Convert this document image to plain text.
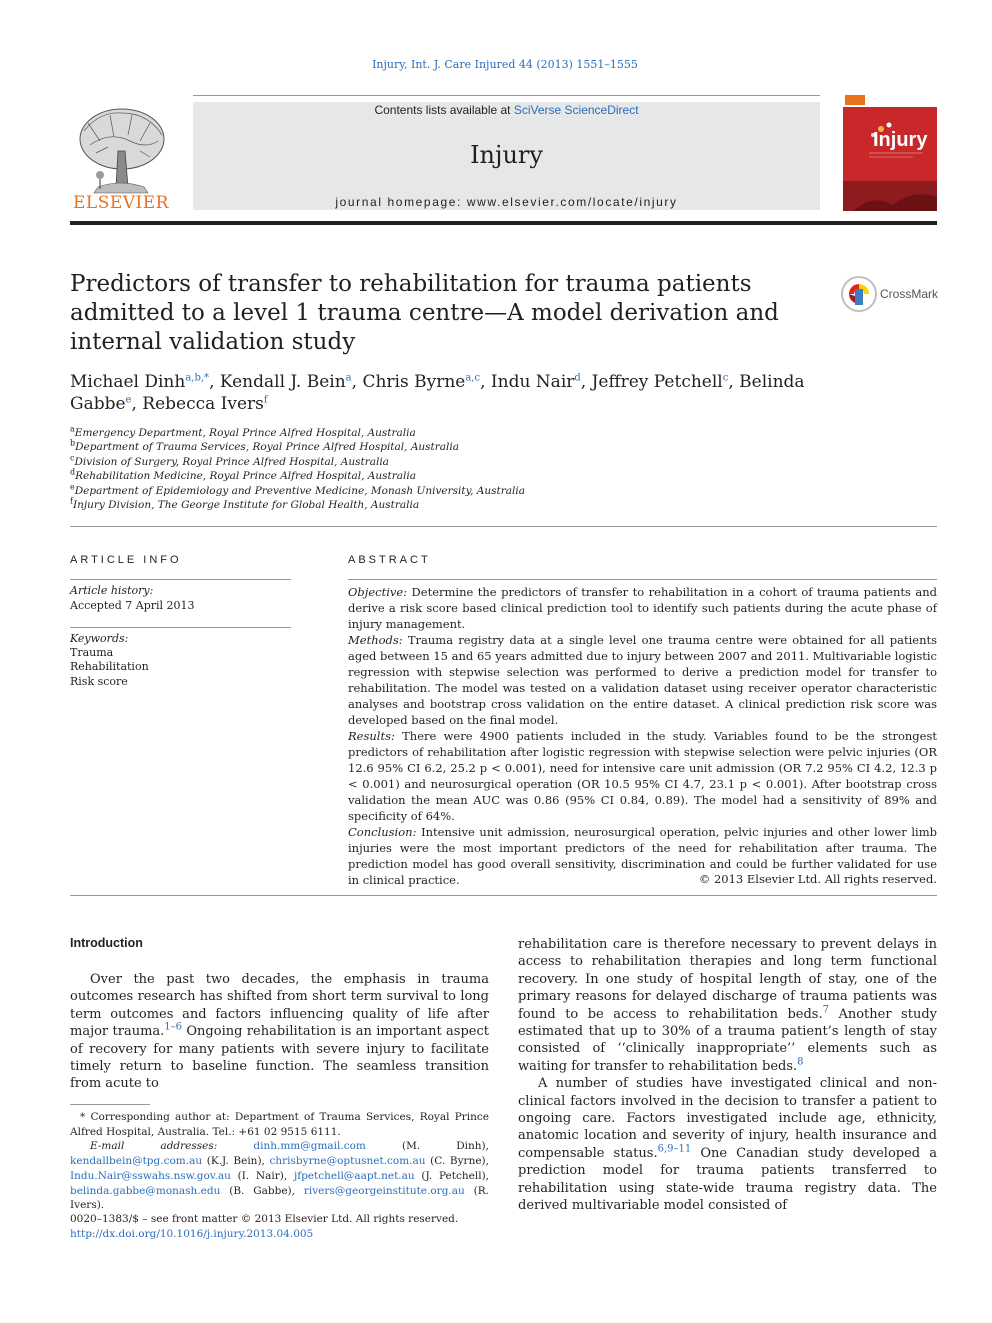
Injury, Int. J. Care Injured 44 (2013) 1551–1555
ELSEVIER
Contents lists available at SciVerse ScienceDirect
Injury
journal homepage: www.elsevier.com/locate/injury
Injury
Predictors of transfer to rehabilitation for trauma patients admitted to a level 1 trauma centre—A model derivation and internal validation study
CrossMark
Michael Dinh$^{a,b,*}$, Kendall J. Bein$^a$, Chris Byrne$^{a,c}$, Indu Nair$^d$, Jeffrey Petchell$^c$, Belinda Gabbe$^e$, Rebecca Ivers$^f$
$^a$Emergency Department, Royal Prince Alfred Hospital, Australia
$^b$Department of Trauma Services, Royal Prince Alfred Hospital, Australia
$^c$Division of Surgery, Royal Prince Alfred Hospital, Australia
$^d$Rehabilitation Medicine, Royal Prince Alfred Hospital, Australia
$^e$Department of Epidemiology and Preventive Medicine, Monash University, Australia
$^f$Injury Division, The George Institute for Global Health, Australia
ARTICLE INFO	ABSTRACT
Article history:
Accepted 7 April 2013
Keywords:
Trauma
Rehabilitation
Risk score

Objective: Determine the predictors of transfer to rehabilitation in a cohort of trauma patients and derive a risk score based clinical prediction tool to identify such patients during the acute phase of injury management.

Methods: Trauma registry data at a single level one trauma centre were obtained for all patients aged between 15 and 65 years admitted due to injury between 2007 and 2011. Multivariable logistic regression with stepwise selection was performed to derive a prediction model for transfer to rehabilitation. The model was tested on a validation dataset using receiver operator characteristic analyses and bootstrap cross validation on the entire dataset. A clinical prediction risk score was developed based on the final model.

Results: There were 4900 patients included in the study. Variables found to be the strongest predictors of rehabilitation after logistic regression with stepwise selection were pelvic injuries (OR 12.6 95% CI 6.2, 25.2 p < 0.001), need for intensive care unit admission (OR 7.2 95% CI 4.2, 12.3 p < 0.001) and neurosurgical operation (OR 10.5 95% CI 4.7, 23.1 p < 0.001). After bootstrap cross validation the mean AUC was 0.86 (95% CI 0.84, 0.89). The model had a sensitivity of 89% and specificity of 64%.

Conclusion: Intensive unit admission, neurosurgical operation, pelvic injuries and other lower limb injuries were the most important predictors of the need for rehabilitation after trauma. The prediction model has good overall sensitivity, discrimination and could be further validated for use in clinical practice.	© 2013 Elsevier Ltd. All rights reserved.
Introduction

Over the past two decades, the emphasis in trauma outcomes research has shifted from short term survival to long term outcomes and factors influencing quality of life after major trauma.$^{1-6}$ Ongoing rehabilitation is an important aspect of recovery for many patients with severe injury to facilitate timely return to baseline function. The seamless transition from acute to

rehabilitation care is therefore necessary to prevent delays in access to rehabilitation therapies and long term functional recovery. In one study of hospital length of stay, one of the primary reasons for delayed discharge of trauma patients was found to be access to rehabilitation beds.$^7$ Another study estimated that up to 30% of a trauma patient’s length of stay consisted of ‘‘clinically inappropriate’’ elements such as waiting for transfer to rehabilitation beds.$^8$

A number of studies have investigated clinical and non-clinical factors involved in the decision to transfer a patient to ongoing care. Factors investigated include age, ethnicity, anatomic location and severity of injury, health insurance and compensable status.$^{6,9-11}$ One Canadian study developed a prediction model for trauma patients transferred to rehabilitation using state-wide trauma registry data. The derived multivariable model consisted of

* Corresponding author at: Department of Trauma Services, Royal Prince Alfred Hospital, Australia. Tel.: +61 02 9515 6111.

E-mail addresses:	dinh.mm@gmail.com (M. Dinh), kendallbein@tpg.com.au (K.J. Bein), chrisbyrne@optusnet.com.au (C. Byrne), Indu.Nair@sswahs.nsw.gov.au (I. Nair), jfpetchell@aapt.net.au (J. Petchell), belinda.gabbe@monash.edu (B. Gabbe), rivers@georgeinstitute.org.au (R. Ivers).

0020–1383/$ – see front matter © 2013 Elsevier Ltd. All rights reserved.
http://dx.doi.org/10.1016/j.injury.2013.04.005
